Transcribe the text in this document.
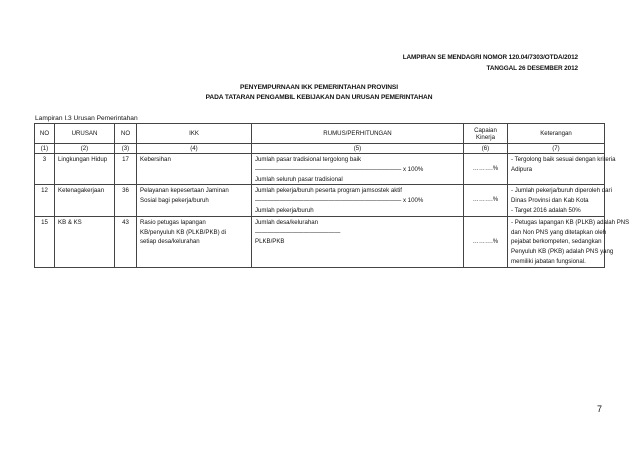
LAMPIRAN SE MENDAGRI NOMOR 120.04/7303/OTDA/2012
TANGGAL 26 DESEMBER 2012
PENYEMPURNAAN IKK PEMERINTAHAN PROVINSI
PADA TATARAN PENGAMBIL KEBIJAKAN DAN URUSAN PEMERINTAHAN
Lampiran I.3 Urusan Pemerintahan
NO	URUSAN	NO	IKK	RUMUS/PERHITUNGAN	Capaian
Kinerja	Keterangan
(1)	(2)	(3)	(4)	(5)	(6)	(7)
3	Lingkungan Hidup	17	Kebersihan	Jumlah pasar tradisional tergolong baik
———————————————————————— x 100%
Jumlah seluruh pasar tradisional	……….%	- Tergolong baik sesuai dengan kriteria
Adipura

12	Ketenagakerjaan	36	Pelayanan kepesertaan Jaminan
Sosial bagi pekerja/buruh	Jumlah pekerja/buruh peserta program jamsostek aktif
———————————————————————— x 100%
Jumlah pekerja/buruh	……….%	- Jumlah pekerja/buruh diperoleh dari
Dinas Provinsi dan Kab Kota
- Target 2016 adalah 50%

15	KB & KS	43	Rasio petugas lapangan
KB/penyuluh KB (PLKB/PKB) di
setiap desa/kelurahan	Jumlah desa/kelurahan
——————————————
PLKB/PKB	……….%	- Petugas lapangan KB (PLKB) adalah PNS
dan Non PNS yang ditetapkan oleh
pejabat berkompeten, sedangkan
Penyuluh KB (PKB) adalah PNS yang
memiliki jabatan fungsional.
7
